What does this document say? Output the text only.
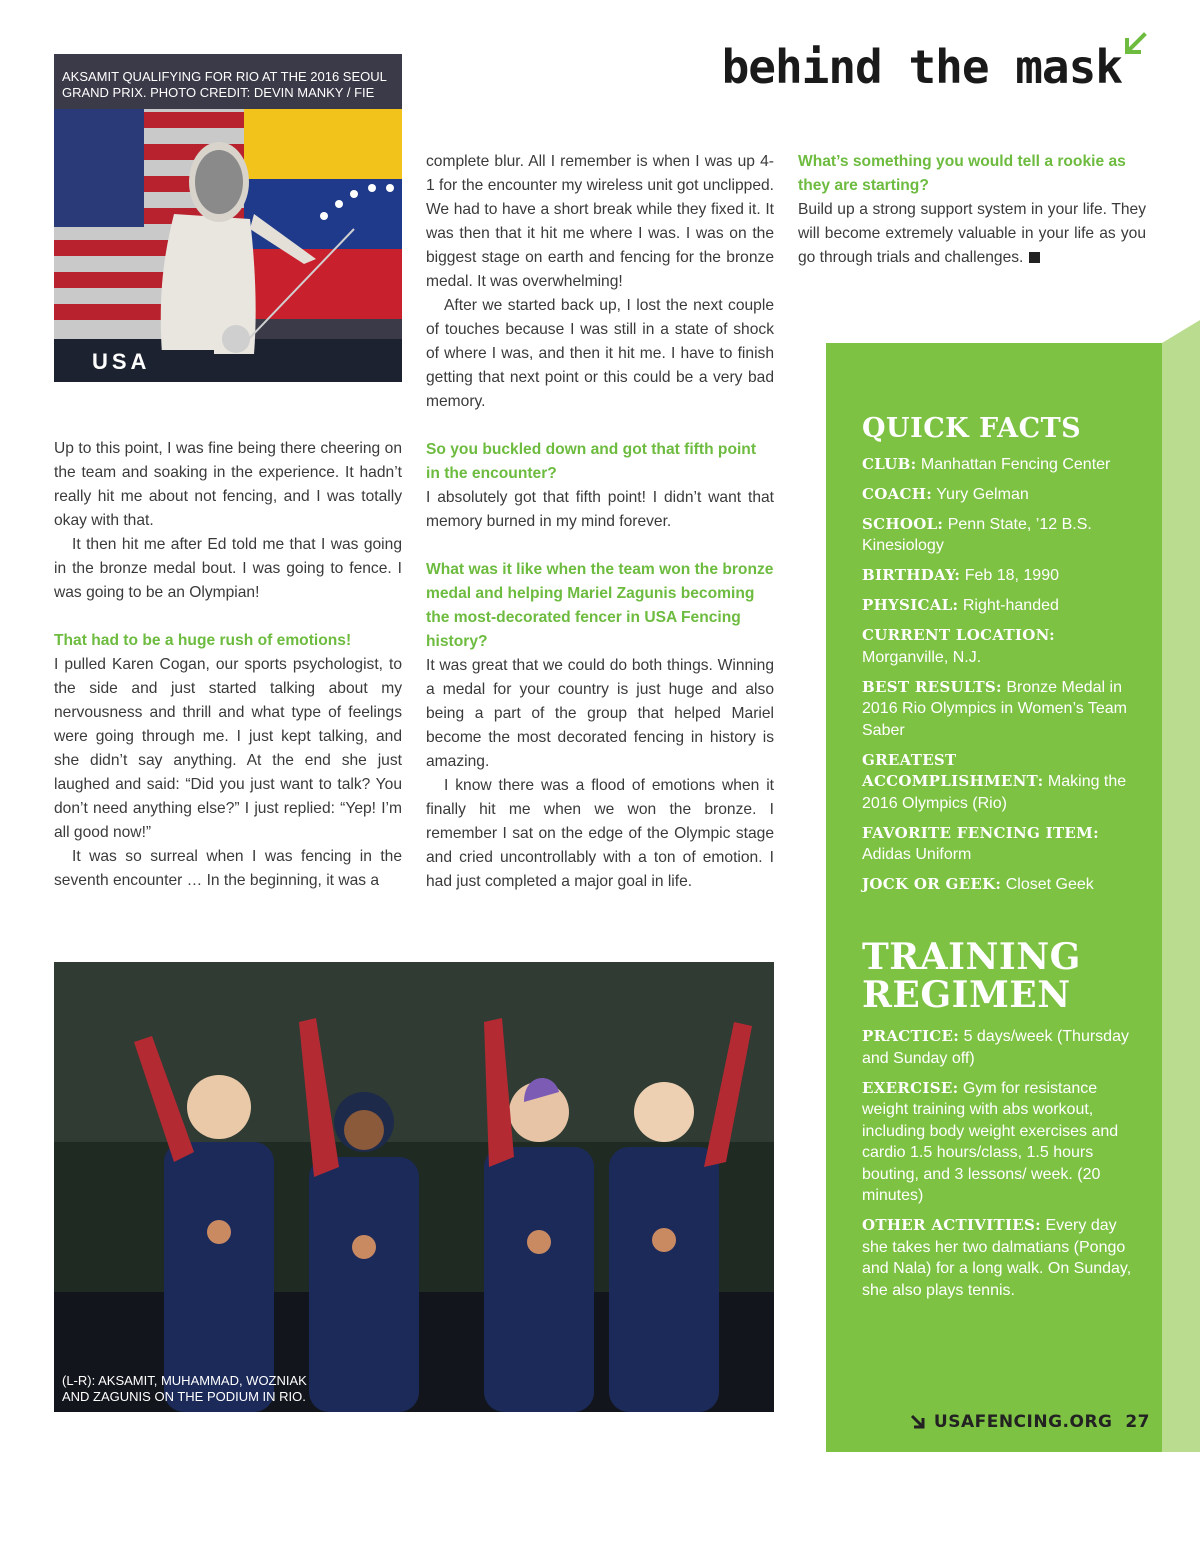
behind the mask
AKSAMIT QUALIFYING FOR RIO AT THE 2016 SEOUL
GRAND PRIX. PHOTO CREDIT: DEVIN MANKY / FIE
USA

Up to this point, I was fine being there cheering on the team and soaking in the experience. It hadn’t really hit me about not fencing, and I was totally okay with that.

It then hit me after Ed told me that I was going in the bronze medal bout. I was going to fence. I was going to be an Olympian!

That had to be a huge rush of emotions!

I pulled Karen Cogan, our sports psychologist, to the side and just started talking about my nervousness and thrill and what type of feelings were going through me. I just kept talking, and she didn’t say anything. At the end she just laughed and said: “Did you just want to talk? You don’t need anything else?” I just replied: “Yep! I’m all good now!”

It was so surreal when I was fencing in the seventh encounter … In the beginning, it was a

complete blur. All I remember is when I was up 4-1 for the encounter my wireless unit got unclipped. We had to have a short break while they fixed it. It was then that it hit me where I was. I was on the biggest stage on earth and fencing for the bronze medal. It was overwhelming!

After we started back up, I lost the next couple of touches because I was still in a state of shock of where I was, and then it hit me. I have to finish getting that next point or this could be a very bad memory.

So you buckled down and got that fifth point in the encounter?

I absolutely got that fifth point! I didn’t want that memory burned in my mind forever.

What was it like when the team won the bronze medal and helping Mariel Zagunis becoming the most-decorated fencer in USA Fencing history?

It was great that we could do both things. Winning a medal for your country is just huge and also being a part of the group that helped Mariel become the most decorated fencing in history is amazing.

I know there was a flood of emotions when it finally hit me when we won the bronze. I remember I sat on the edge of the Olympic stage and cried uncontrollably with a ton of emotion. I had just completed a major goal in life.

What’s something you would tell a rookie as they are starting?

Build up a strong support system in your life. They will become extremely valuable in your life as you go through trials and challenges.

QUICK FACTS
CLUB: Manhattan Fencing Center
COACH: Yury Gelman
SCHOOL: Penn State, ’12 B.S. Kinesiology
BIRTHDAY: Feb 18, 1990
PHYSICAL: Right-handed
CURRENT LOCATION: Morganville, N.J.
BEST RESULTS: Bronze Medal in 2016 Rio Olympics in Women’s Team Saber
GREATEST ACCOMPLISHMENT: Making the 2016 Olympics (Rio)
FAVORITE FENCING ITEM: Adidas Uniform
JOCK OR GEEK: Closet Geek
TRAINING
REGIMEN
PRACTICE: 5 days/week (Thursday and Sunday off)
EXERCISE: Gym for resistance weight training with abs workout, including body weight exercises and cardio 1.5 hours/class, 1.5 hours bouting, and 3 lessons/ week. (20 minutes)
OTHER ACTIVITIES: Every day she takes her two dalmatians (Pongo and Nala) for a long walk. On Sunday, she also plays tennis.
(L-R): AKSAMIT, MUHAMMAD, WOZNIAK
AND ZAGUNIS ON THE PODIUM IN RIO.
USAFENCING.ORG 27
